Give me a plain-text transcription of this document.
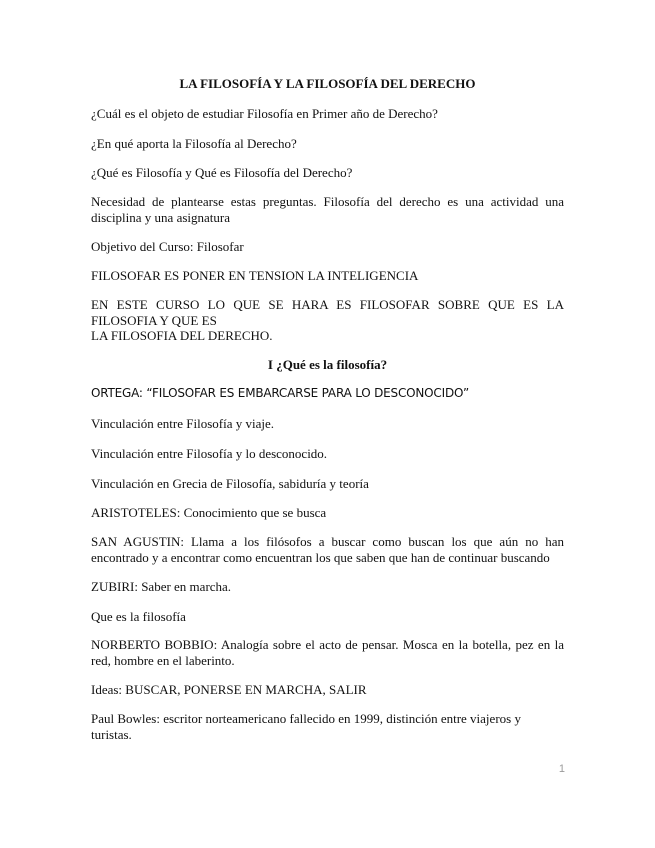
LA FILOSOFÍA Y LA FILOSOFÍA DEL DERECHO
¿Cuál es el objeto de estudiar Filosofía en Primer año de Derecho?
¿En qué aporta la Filosofía al Derecho?
¿Qué es Filosofía y Qué es Filosofía del Derecho?
Necesidad de plantearse estas preguntas. Filosofía del derecho es una actividad una disciplina y una asignatura
Objetivo del Curso: Filosofar
FILOSOFAR ES PONER EN TENSION LA INTELIGENCIA
EN ESTE CURSO LO QUE SE HARA ES FILOSOFAR SOBRE QUE ES LA FILOSOFIA Y QUE ES
LA FILOSOFIA DEL DERECHO.
I ¿Qué es la filosofía?
ORTEGA: “FILOSOFAR ES EMBARCARSE PARA LO DESCONOCIDO”
Vinculación entre Filosofía y viaje.
Vinculación entre Filosofía y lo desconocido.
Vinculación en Grecia de Filosofía, sabiduría y teoría
ARISTOTELES: Conocimiento que se busca
SAN AGUSTIN: Llama a los filósofos a buscar como buscan los que aún no han encontrado y a encontrar como encuentran los que saben que han de continuar buscando
ZUBIRI: Saber en marcha.
Que es la filosofía
NORBERTO BOBBIO: Analogía sobre el acto de pensar. Mosca en la botella, pez en la red, hombre en el laberinto.
Ideas: BUSCAR, PONERSE EN MARCHA, SALIR
Paul Bowles: escritor norteamericano fallecido en 1999, distinción entre viajeros y turistas.
1
